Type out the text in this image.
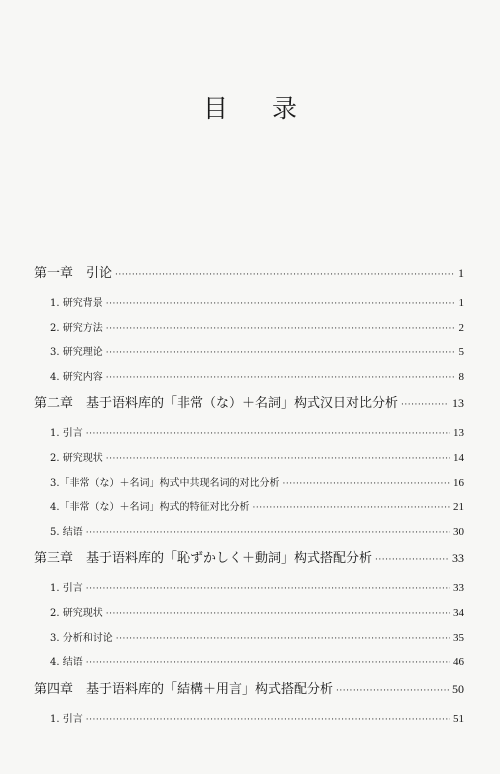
目 录
第一章　引论 ·····	1
1. 研究背景 ·····	1
2. 研究方法 ·····	2
3. 研究理论 ·····	5
4. 研究内容 ·····	8
第二章　基于语料库的「非常（な）＋名詞」构式汉日对比分析 ·····	13
1. 引言 ·····	13
2. 研究现状 ·····	14
3.「非常（な）＋名词」构式中共现名词的对比分析 ·····	16
4.「非常（な）＋名词」构式的特征对比分析 ·····	21
5. 结语 ·····	30
第三章　基于语料库的「恥ずかしく＋動詞」构式搭配分析 ·····	33
1. 引言 ·····	33
2. 研究现状 ·····	34
3. 分析和讨论 ·····	35
4. 结语 ·····	46
第四章　基于语料库的「結構＋用言」构式搭配分析 ·····	50
1. 引言 ·····	51
